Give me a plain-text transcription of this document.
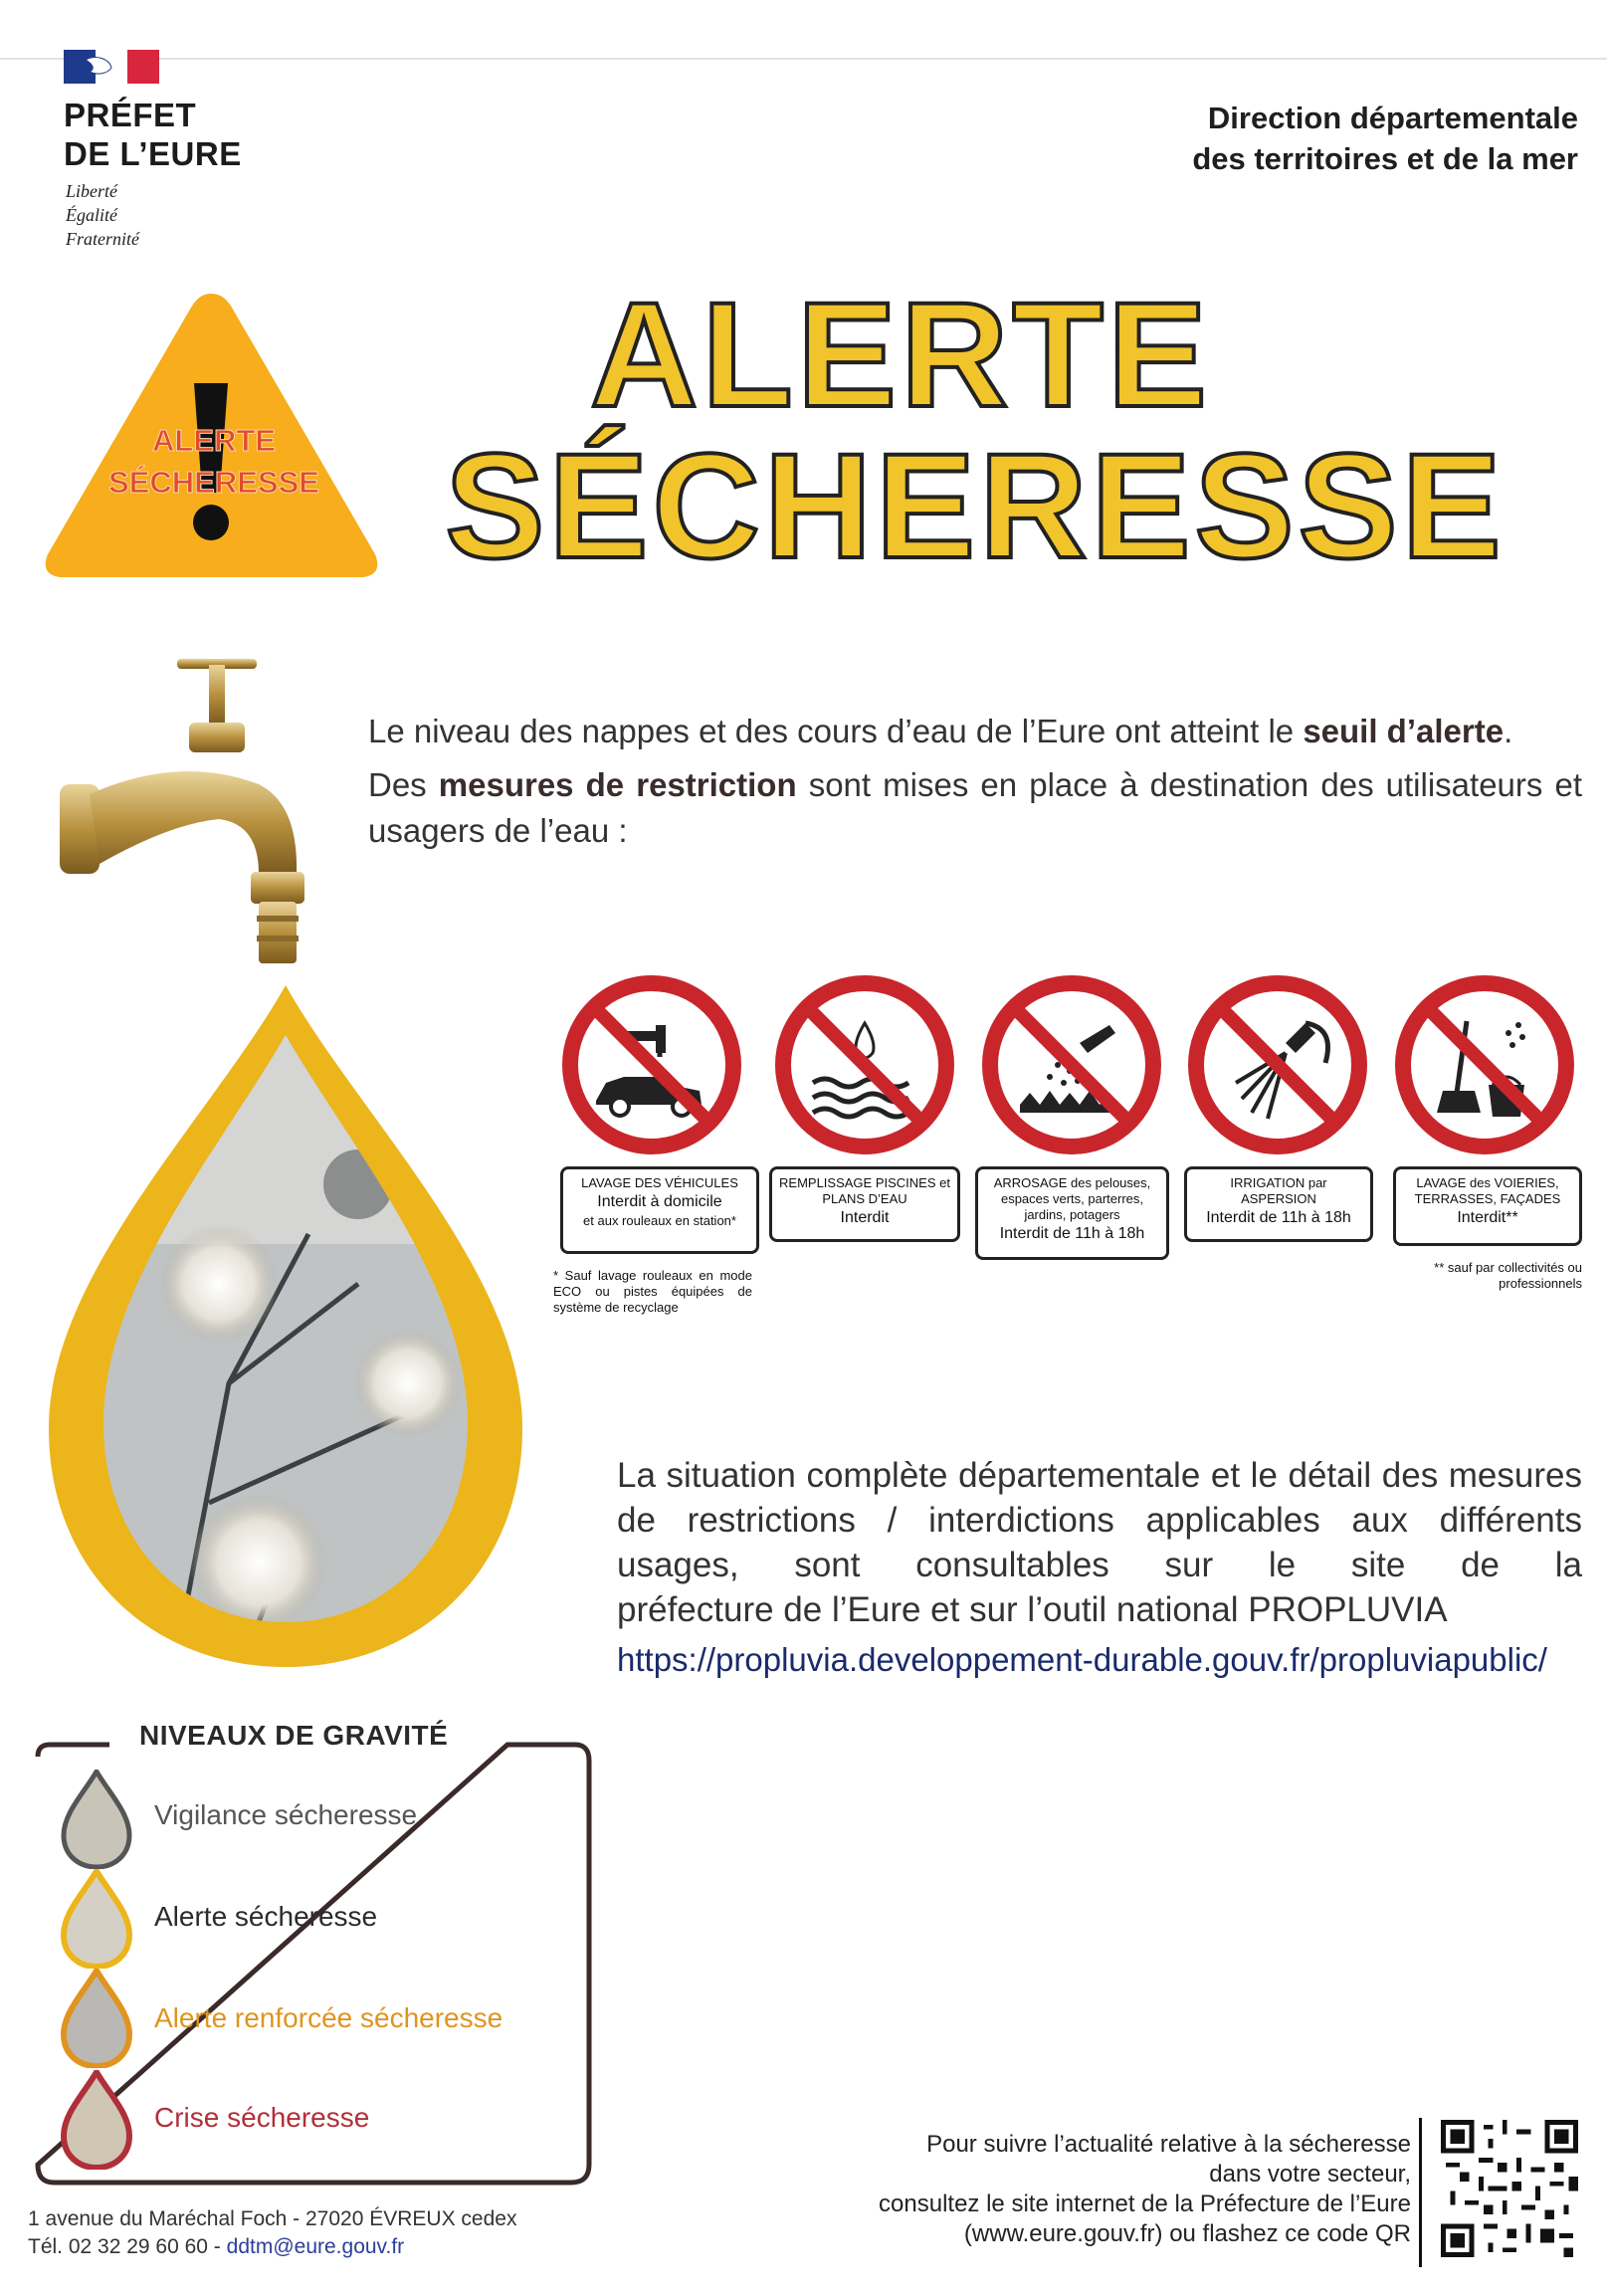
PRÉFET
DE L’EURE
Liberté
Égalité
Fraternité
Direction départementale
des territoires et de la mer
ALERTE
SÉCHERESSE
ALERTE
SÉCHERESSE

Le niveau des nappes et des cours d’eau de l’Eure ont atteint le seuil d’alerte.

Des mesures de restriction sont mises en place à destination des utilisateurs et usagers de l’eau :

LAVAGE DES VÉHICULES
Interdit à domicile
et aux rouleaux en station*
* Sauf lavage rouleaux en mode ECO ou pistes équipées de système de recyclage
REMPLISSAGE PISCINES et PLANS D’EAU
Interdit
ARROSAGE des pelouses, espaces verts, parterres, jardins, potagers
Interdit de 11h à 18h
IRRIGATION par ASPERSION
Interdit de 11h à 18h
LAVAGE des VOIERIES, TERRASSES, FAÇADES
Interdit**
** sauf par collectivités ou professionnels
La situation complète départementale et le détail des mesures de restrictions / interdictions applicables aux différents usages, sont consultables sur le site de la
préfecture de l’Eure et sur l’outil national PROPLUVIA
https://propluvia.developpement-durable.gouv.fr/propluviapublic/
NIVEAUX DE GRAVITÉ
Vigilance sécheresse
Alerte sécheresse
Alerte renforcée sécheresse
Crise sécheresse
1 avenue du Maréchal Foch - 27020 ÉVREUX cedex
Tél. 02 32 29 60 60 - ddtm@eure.gouv.fr
Pour suivre l’actualité relative à la sécheresse
dans votre secteur,
consultez le site internet de la Préfecture de l’Eure
(www.eure.gouv.fr) ou flashez ce code QR
